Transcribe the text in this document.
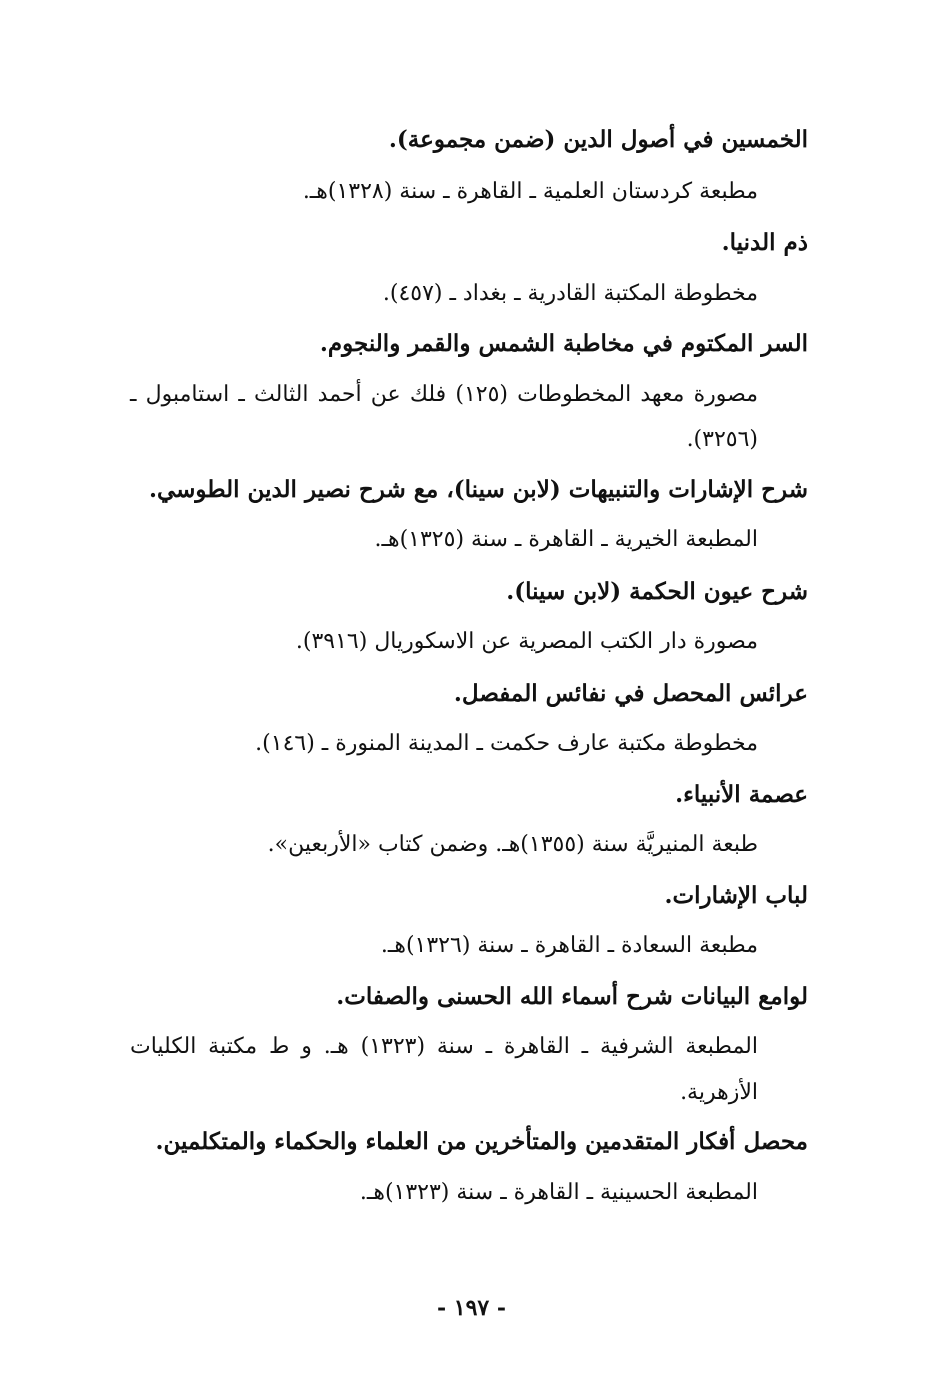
الخمسين في أصول الدين (ضمن مجموعة).
مطبعة كردستان العلمية ـ القاهرة ـ سنة (١٣٢٨)هـ.
ذم الدنيا.
مخطوطة المكتبة القادرية ـ بغداد ـ (٤٥٧).
السر المكتوم في مخاطبة الشمس والقمر والنجوم.
مصورة معهد المخطوطات (١٢٥) فلك عن أحمد الثالث ـ استامبول ـ
(٣٢٥٦).
شرح الإشارات والتنبيهات (لابن سينا)، مع شرح نصير الدين الطوسي.
المطبعة الخيرية ـ القاهرة ـ سنة (١٣٢٥)هـ.
شرح عيون الحكمة (لابن سينا).
مصورة دار الكتب المصرية عن الاسكوريال (٣٩١٦).
عرائس المحصل في نفائس المفصل.
مخطوطة مكتبة عارف حكمت ـ المدينة المنورة ـ (١٤٦).
عصمة الأنبياء.
طبعة المنيريَّة سنة (١٣٥٥)هـ. وضمن كتاب «الأربعين».
لباب الإشارات.
مطبعة السعادة ـ القاهرة ـ سنة (١٣٢٦)هـ.
لوامع البيانات شرح أسماء الله الحسنى والصفات.
المطبعة الشرفية ـ القاهرة ـ سنة (١٣٢٣) هـ. و ط مكتبة الكليات
الأزهرية.
محصل أفكار المتقدمين والمتأخرين من العلماء والحكماء والمتكلمين.
المطبعة الحسينية ـ القاهرة ـ سنة (١٣٢٣)هـ.
- ١٩٧ -
